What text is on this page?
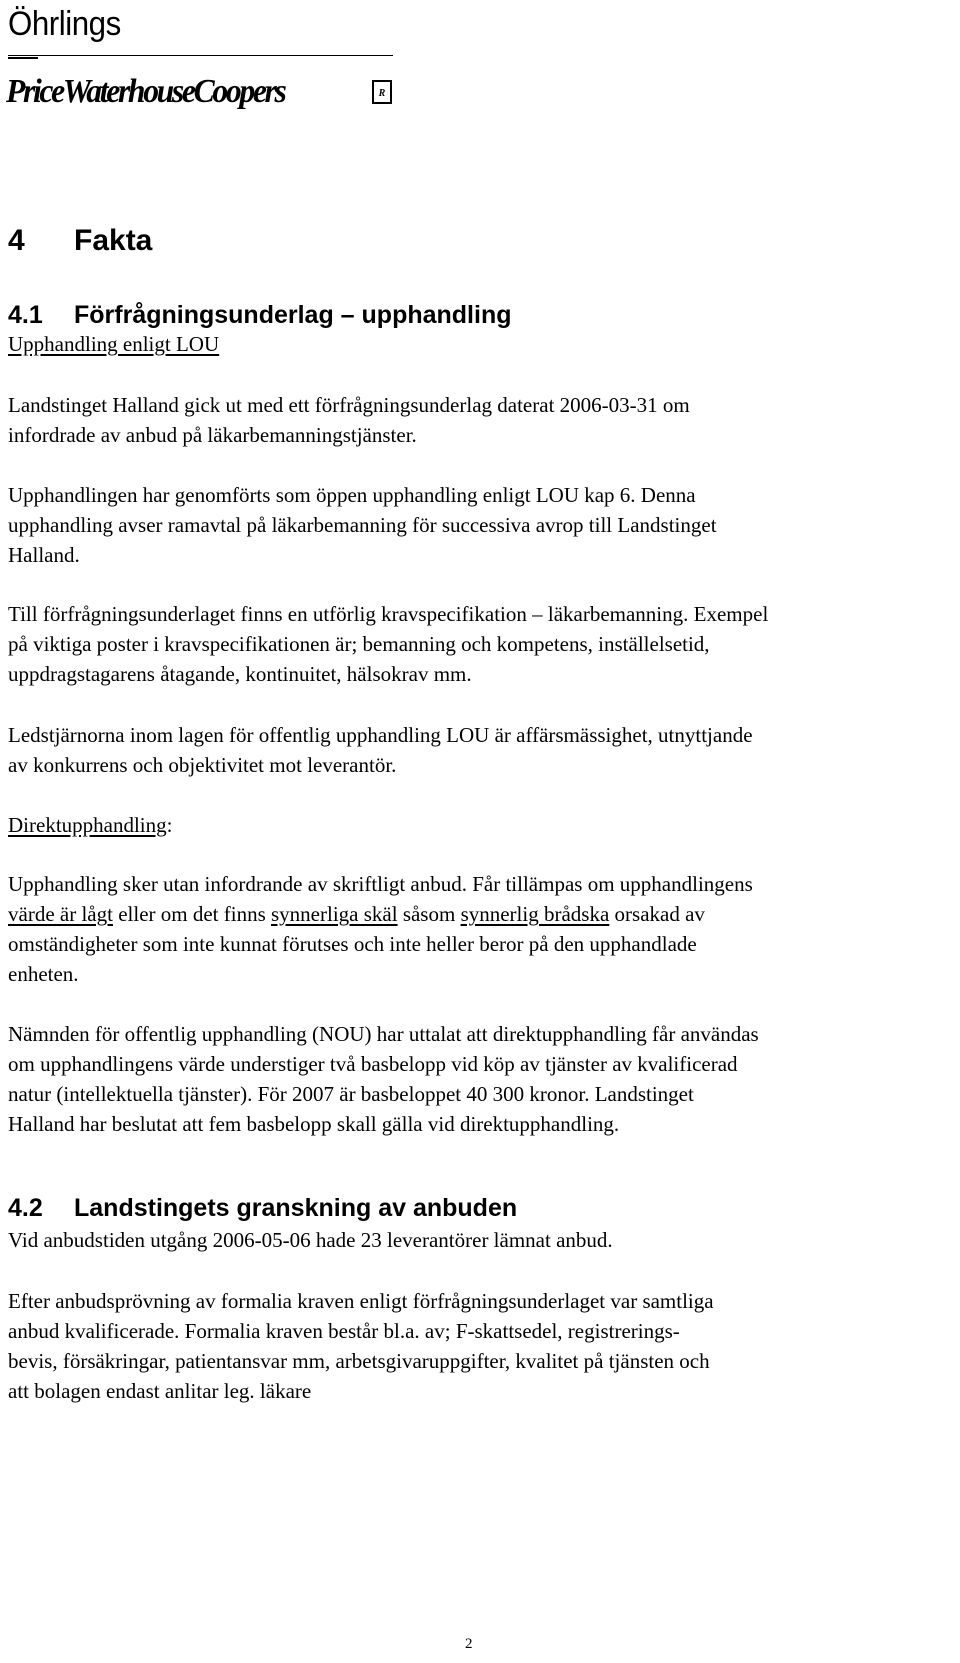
Öhrlings
PriceWaterhouseCoopers	R
4 Fakta
4.1 Förfrågningsunderlag – upphandling
Upphandling enligt LOU
Landstinget Halland gick ut med ett förfrågningsunderlag daterat 2006-03-31 om
infordrade av anbud på läkarbemanningstjänster.
Upphandlingen har genomförts som öppen upphandling enligt LOU kap 6. Denna
upphandling avser ramavtal på läkarbemanning för successiva avrop till Landstinget
Halland.
Till förfrågningsunderlaget finns en utförlig kravspecifikation – läkarbemanning. Exempel
på viktiga poster i kravspecifikationen är; bemanning och kompetens, inställelsetid,
uppdragstagarens åtagande, kontinuitet, hälsokrav mm.
Ledstjärnorna inom lagen för offentlig upphandling LOU är affärsmässighet, utnyttjande
av konkurrens och objektivitet mot leverantör.
Direktupphandling:
Upphandling sker utan infordrande av skriftligt anbud. Får tillämpas om upphandlingens
värde är lågt eller om det finns synnerliga skäl såsom synnerlig brådska orsakad av
omständigheter som inte kunnat förutses och inte heller beror på den upphandlade
enheten.
Nämnden för offentlig upphandling (NOU) har uttalat att direktupphandling får användas
om upphandlingens värde understiger två basbelopp vid köp av tjänster av kvalificerad
natur (intellektuella tjänster). För 2007 är basbeloppet 40 300 kronor. Landstinget
Halland har beslutat att fem basbelopp skall gälla vid direktupphandling.
4.2 Landstingets granskning av anbuden
Vid anbudstiden utgång 2006-05-06 hade 23 leverantörer lämnat anbud.
Efter anbudsprövning av formalia kraven enligt förfrågningsunderlaget var samtliga
anbud kvalificerade. Formalia kraven består bl.a. av; F-skattsedel, registrerings-
bevis, försäkringar, patientansvar mm, arbetsgivaruppgifter, kvalitet på tjänsten och
att bolagen endast anlitar leg. läkare
2
